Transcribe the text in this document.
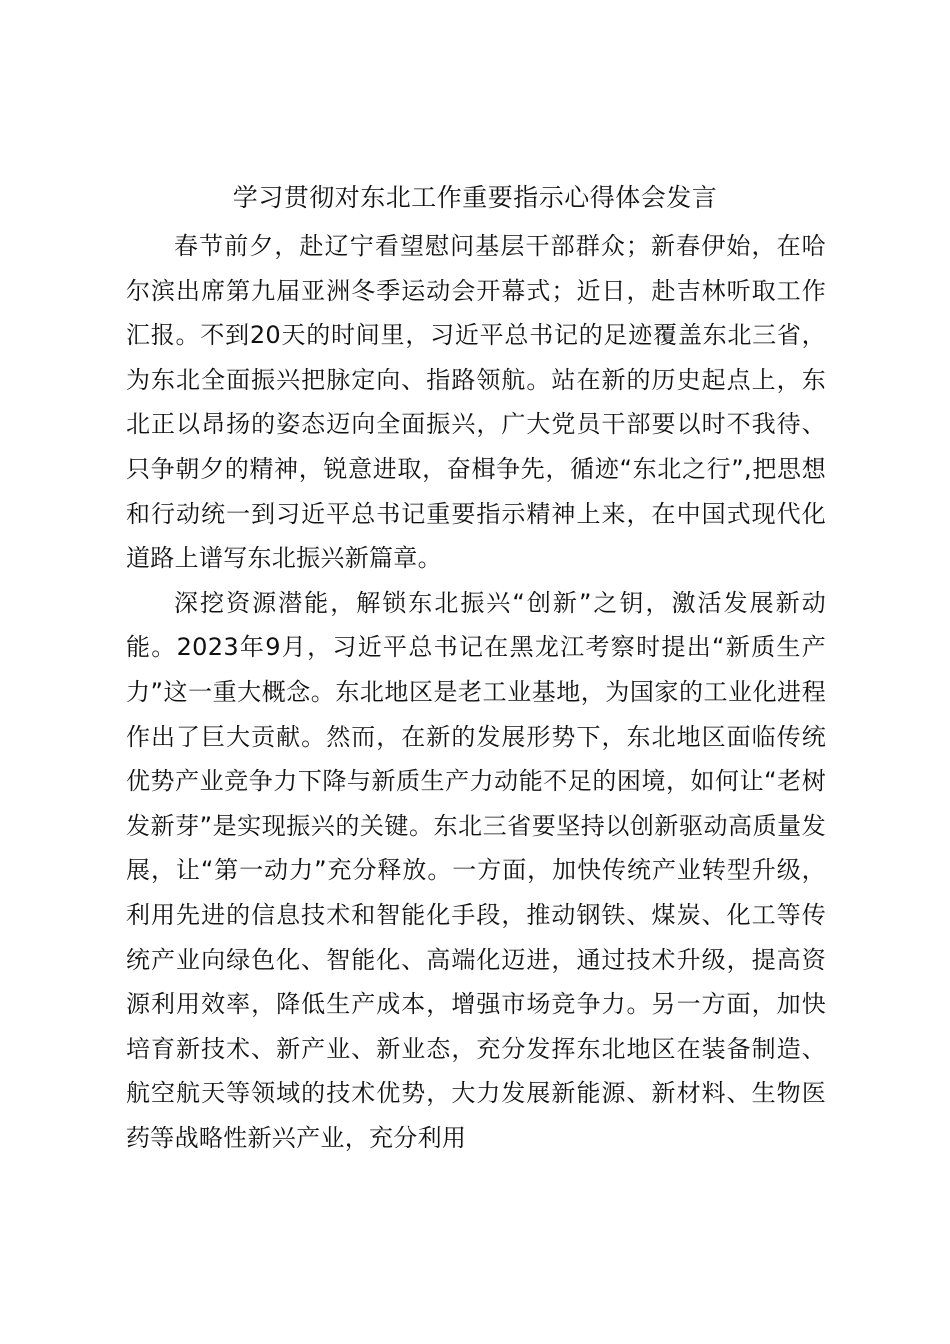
学习贯彻对东北工作重要指示心得体会发言

春节前夕，赴辽宁看望慰问基层干部群众；新春伊始，在哈尔滨出席第九届亚洲冬季运动会开幕式；近日，赴吉林听取工作汇报。不到20天的时间里，习近平总书记的足迹覆盖东北三省，为东北全面振兴把脉定向、指路领航。站在新的历史起点上，东北正以昂扬的姿态迈向全面振兴，广大党员干部要以时不我待、只争朝夕的精神，锐意进取，奋楫争先，循迹“东北之行”,把思想和行动统一到习近平总书记重要指示精神上来，在中国式现代化道路上谱写东北振兴新篇章。

深挖资源潜能，解锁东北振兴“创新”之钥，激活发展新动能。2023年9月，习近平总书记在黑龙江考察时提出“新质生产力”这一重大概念。东北地区是老工业基地，为国家的工业化进程作出了巨大贡献。然而，在新的发展形势下，东北地区面临传统优势产业竞争力下降与新质生产力动能不足的困境，如何让“老树发新芽”是实现振兴的关键。东北三省要坚持以创新驱动高质量发展，让“第一动力”充分释放。一方面，加快传统产业转型升级，利用先进的信息技术和智能化手段，推动钢铁、煤炭、化工等传统产业向绿色化、智能化、高端化迈进，通过技术升级，提高资源利用效率，降低生产成本，增强市场竞争力。另一方面，加快培育新技术、新产业、新业态，充分发挥东北地区在装备制造、航空航天等领域的技术优势，大力发展新能源、新材料、生物医药等战略性新兴产业，充分利用
